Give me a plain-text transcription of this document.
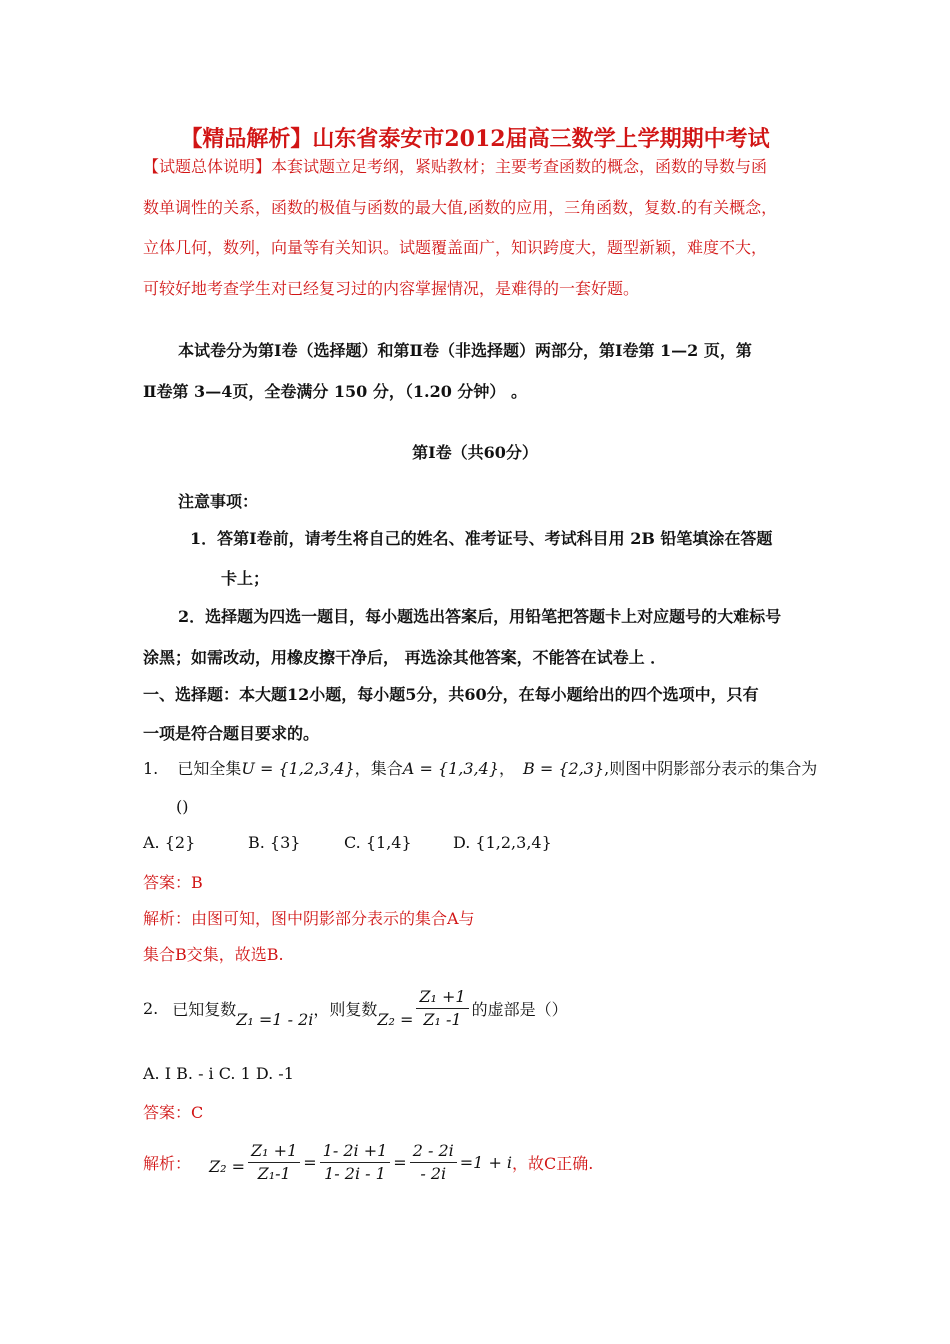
【精品解析】山东省泰安市2012届高三数学上学期期中考试
【试题总体说明】本套试题立足考纲，紧贴教材；主要考查函数的概念，函数的导数与函
数单调性的关系，函数的极值与函数的最大值,函数的应用，三角函数，复数.的有关概念，
立体几何，数列，向量等有关知识。试题覆盖面广，知识跨度大，题型新颖，难度不大，
可较好地考查学生对已经复习过的内容掌握情况，是难得的一套好题。
本试卷分为第Ⅰ卷（选择题）和第Ⅱ卷（非选择题）两部分，第Ⅰ卷第 1—2 页，第
Ⅱ卷第 3—4页，全卷满分 150 分，（1.20 分钟） 。
第Ⅰ卷（共60分）
注意事项：
1．答第Ⅰ卷前，请考生将自己的姓名、准考证号、考试科目用 2B 铅笔填涂在答题
卡上；
2．选择题为四选一题目，每小题选出答案后，用铅笔把答题卡上对应题号的大难标号
涂黑；如需改动，用橡皮擦干净后， 再选涂其他答案，不能答在试卷上 ．
一、选择题：本大题12小题，每小题5分，共60分，在每小题给出的四个选项中，只有
一项是符合题目要求的。
1. 已知全集U = {1,2,3,4}，集合A = {1,3,4}， B = {2,3},则图中阴影部分表示的集合为
()
A. {2}	B. {3}	C. {1,4}	D. {1,2,3,4}
答案：B
解析：由图可知，图中阴影部分表示的集合A与
集合B交集，故选B.
2. 已知复数
Z₁ =1 - 2i
，则复数
$Z_2 = \frac{\text{Z₁ +1}}{\text{Z₁ -1}}$ 的虚部是（）
A. I B. - i C. 1 D. -1
答案：C
解析： $Z_2 = \frac{\text{Z₁ +1}}{\text{Z₁-1}} = \frac{1- 2i +1}{1- 2i - 1} = \frac{2 - 2i}{- 2i} =1 + i$ ，故C正确.
